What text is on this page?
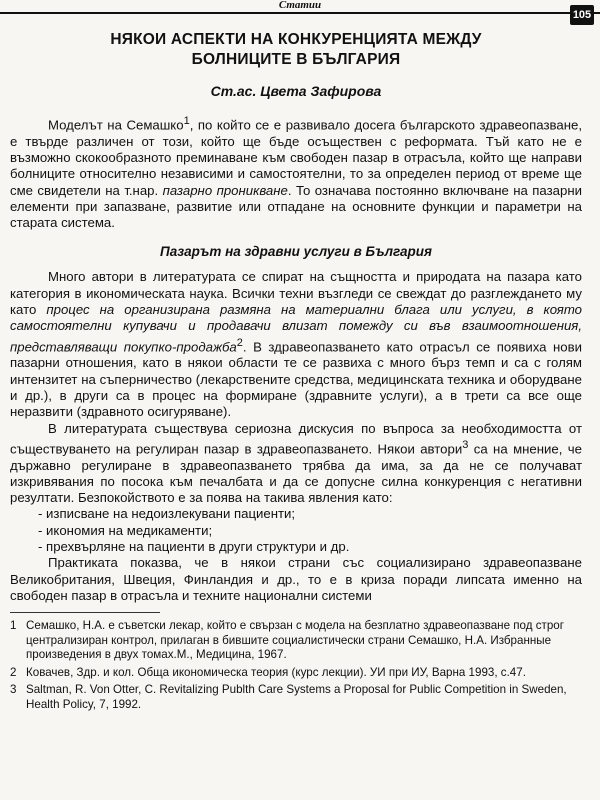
Статии
105
НЯКОИ АСПЕКТИ НА КОНКУРЕНЦИЯТА МЕЖДУ
БОЛНИЦИТЕ В БЪЛГАРИЯ
Ст.ас. Цвета Зафирова

Моделът на Семашко$^1$, по който се е развивало досега българското здравеопазване, е твърде различен от този, който ще бъде осъществен с реформата. Тъй като не е възможно скокообразното преминаване към свободен пазар в отрасъла, който ще направи болниците относително независими и самостоятелни, то за определен период от време ще сме свидетели на т.нар. пазарно проникване. То означава постоянно включване на пазарни елементи при запазване, развитие или отпадане на основните функции и параметри на старата система.

Пазарът на здравни услуги в България

Много автори в литературата се спират на същността и природата на пазара като категория в икономическата наука. Всички техни възгледи се свеждат до разглеждането му като процес на организирана размяна на материални блага или услуги, в която самостоятелни купувачи и продавачи влизат помежду си във взаимоотношения, представляващи покупко-продажба$^2$. В здравеопазването като отрасъл се появиха нови пазарни отношения, като в някои области те се развиха с много бърз темп и са с голям интензитет на съперничество (лекарствените средства, медицинската техника и оборудване и др.), в други са в процес на формиране (здравните услуги), а в трети са все още неразвити (здравното осигуряване).

В литературата съществува сериозна дискусия по въпроса за необходимостта от съществуването на регулиран пазар в здравеопазването. Някои автори$^3$ са на мнение, че държавно регулиране в здравеопазването трябва да има, за да не се получават изкривявания по посока към печалбата и да се допусне силна конкуренция с негативни резултати. Безпокойството е за поява на такива явления като:

- изписване на недоизлекувани пациенти;
- икономия на медикаменти;
- прехвърляне на пациенти в други структури и др.

Практиката показва, че в някои страни със социализирано здравеопазване Великобритания, Швеция, Финландия и др., то е в криза поради липсата именно на свободен пазар в отрасъла и техните национални системи

1 Семашко, Н.А. е съветски лекар, който е свързан с модела на безплатно здравеопазване под строг централизиран контрол, прилаган в бившите социалистически страни Семашко, Н.А. Избранные произведения в двух томах.М., Медицина, 1967.
2 Ковачев, Здр. и кол. Обща икономическа теория (курс лекции). УИ при ИУ, Варна 1993, с.47.
3 Saltman, R. Von Otter, C. Revitalizing Publth Care Systems a Proposal for Public Competition in Sweden, Health Policy, 7, 1992.
